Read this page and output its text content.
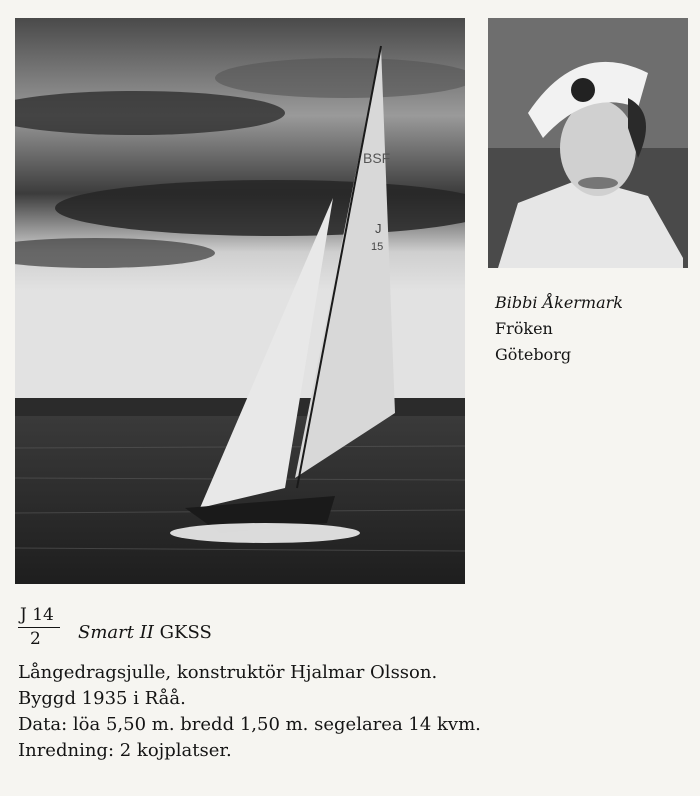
BSF
J
15
Bibbi Åkermark
Fröken
Göteborg
J 14
2	Smart II GKSS
Långedragsjulle, konstruktör Hjalmar Olsson.
Byggd 1935 i Råå.
Data: löa 5,50 m. bredd 1,50 m. segelarea 14 kvm.
Inredning: 2 kojplatser.
